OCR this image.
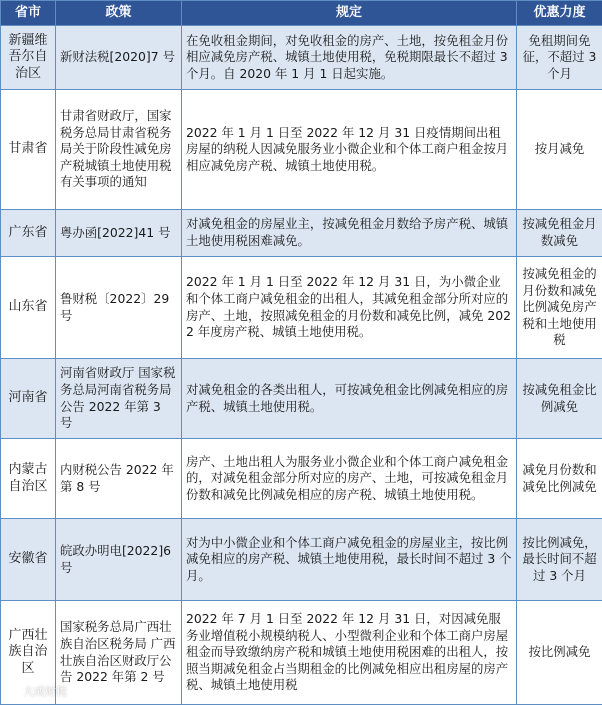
省市	政策	规定	优惠力度
新疆维吾尔自治区	新财法税[2020]7 号	在免收租金期间，对免收租金的房产、土地，按免租金月份相应减免房产税、城镇土地使用税，免税期限最长不超过 3 个月。自 2020 年 1 月 1 日起实施。	免租期间免征，不超过 3 个月
甘肃省	甘肃省财政厅，国家税务总局甘肃省税务局关于阶段性减免房产税城镇土地使用税有关事项的通知	2022 年 1 月 1 日至 2022 年 12 月 31 日疫情期间出租房屋的纳税人因减免服务业小微企业和个体工商户租金按月相应减免房产税、城镇土地使用税。	按月减免
广东省	粤办函[2022]41 号	对减免租金的房屋业主，按减免租金月数给予房产税、城镇土地使用税困难减免。	按减免租金月数减免
山东省	鲁财税〔2022〕29 号	2022 年 1 月 1 日至 2022 年 12 月 31 日，为小微企业和个体工商户减免租金的出租人，其减免租金部分所对应的房产、土地，按照减免租金的月份数和减免比例，减免 2022 年度房产税、城镇土地使用税。	按减免租金的月份数和减免比例减免房产税和土地使用税
河南省	河南省财政厅 国家税务总局河南省税务局公告 2022 年第 3 号	对减免租金的各类出租人，可按减免租金比例减免相应的房产税、城镇土地使用税。	按减免租金比例减免
内蒙古自治区	内财税公告 2022 年第 8 号	房产、土地出租人为服务业小微企业和个体工商户减免租金的，对减免租金部分所对应的房产、土地，可按减免租金月份数和减免比例减免相应的房产税、城镇土地使用税。	减免月份数和减免比例减免
安徽省	皖政办明电[2022]6 号	对为中小微企业和个体工商户减免租金的房屋业主，按比例减免相应的房产税、城镇土地使用税，最长时间不超过 3 个月。	按比例减免，最长时间不超过 3 个月
广西壮族自治区	国家税务总局广西壮族自治区税务局 广西壮族自治区财政厅公告 2022 年第 2 号	2022 年 7 月 1 日至 2022 年 12 月 31 日，对因减免服务业增值税小规模纳税人、小型微利企业和个体工商户房屋租金而导致缴纳房产税和城镇土地使用税困难的出租人，按照当期减免租金占当期租金的比例减免相应出租房屋的房产税、城镇土地使用税	按比例减免
大成财税
